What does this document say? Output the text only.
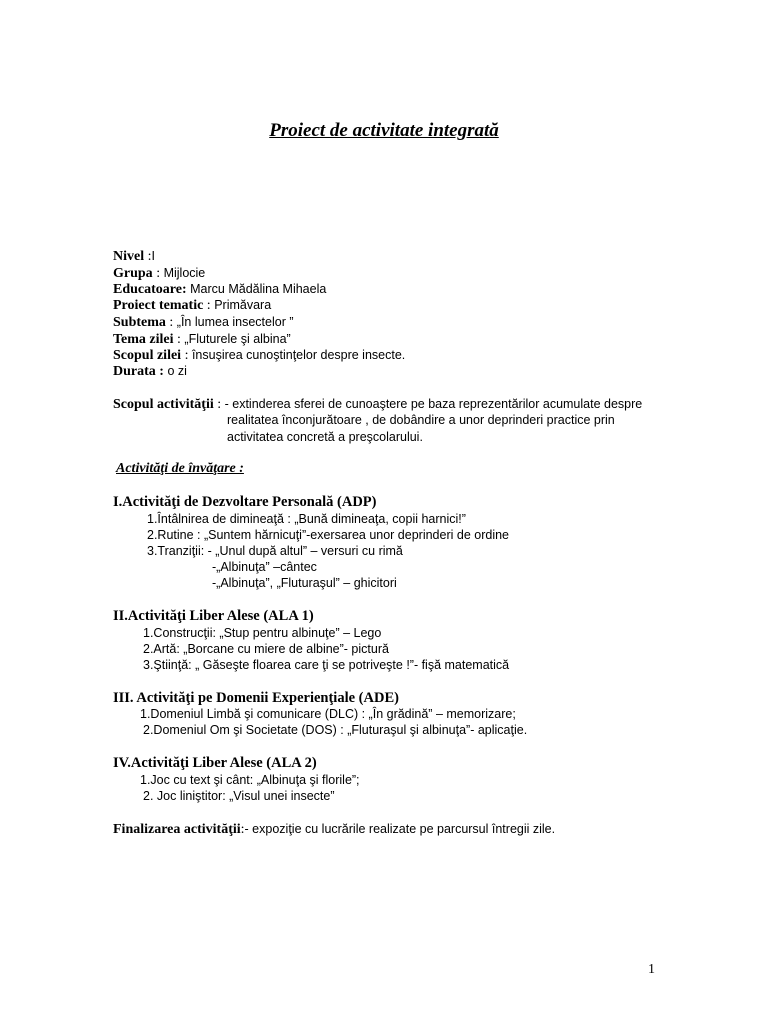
Proiect de activitate integrată
Nivel :I
Grupa : Mijlocie
Educatoare: Marcu Mădălina Mihaela
Proiect tematic : Primăvara
Subtema : „În lumea insectelor ”
Tema zilei : „Fluturele şi albina”
Scopul zilei : însuşirea cunoştinţelor despre insecte.
Durata : o zi
Scopul activităţii : - extinderea sferei de cunoaştere pe baza reprezentărilor acumulate despre
realitatea înconjurătoare , de dobândire a unor deprinderi practice prin
activitatea concretă a preşcolarului.
Activităţi de învăţare :
I.Activităţi de Dezvoltare Personală (ADP)
1.Întâlnirea de dimineaţă : „Bună dimineaţa, copii harnici!”
2.Rutine : „Suntem hărnicuţi”-exersarea unor deprinderi de ordine
3.Tranziţii: - „Unul după altul” – versuri cu rimă
-„Albinuţa” –cântec
-„Albinuţa”, „Fluturaşul” – ghicitori
II.Activităţi Liber Alese (ALA 1)
1.Construcţii: „Stup pentru albinuţe” – Lego
2.Artă: „Borcane cu miere de albine”- pictură
3.Ştiinţă: „ Găseşte floarea care ţi se potriveşte !”- fişă matematică
III. Activităţi pe Domenii Experienţiale (ADE)
1.Domeniul Limbă şi comunicare (DLC) : „În grădină” – memorizare;
2.Domeniul Om şi Societate (DOS) : „Fluturaşul şi albinuţa”- aplicaţie.
IV.Activităţi Liber Alese (ALA 2)
1.Joc cu text şi cânt: „Albinuţa şi florile”;
2. Joc liniştitor: „Visul unei insecte”
Finalizarea activităţii:- expoziţie cu lucrările realizate pe parcursul întregii zile.
1
